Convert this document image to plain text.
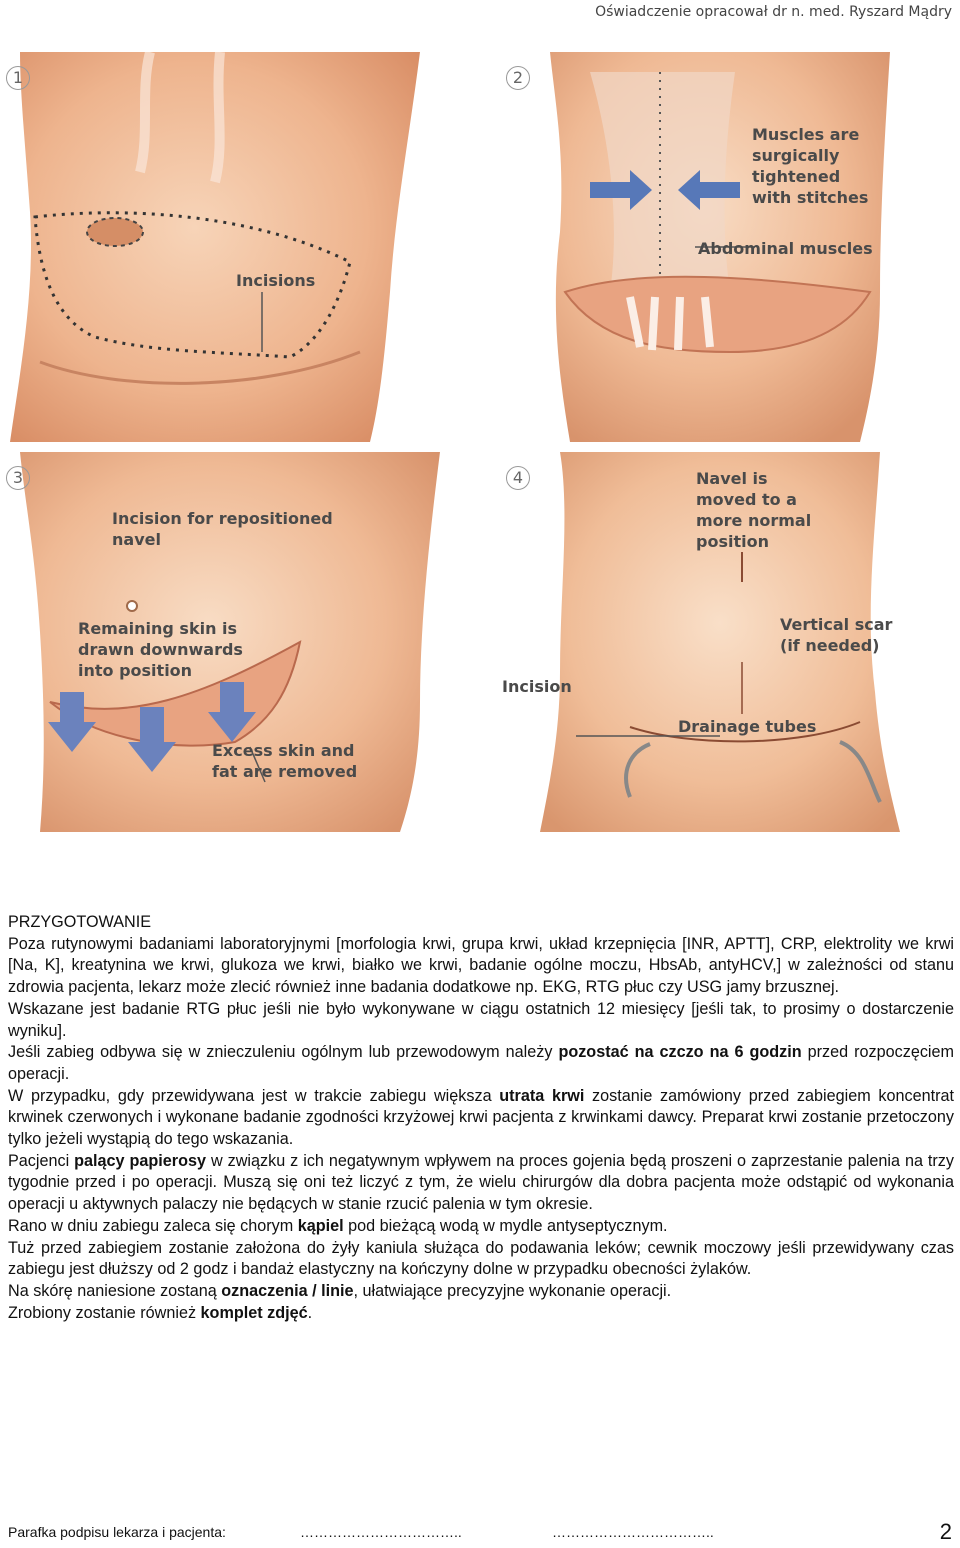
Oświadczenie opracował dr n. med. Ryszard Mądry
1
Incisions
2
Muscles are
surgically
tightened
with stitches
Abdominal muscles
3
Incision for repositioned
navel
Remaining skin is
drawn downwards
into position
Excess skin and
fat are removed
4	Navel is
moved to a
more normal
position
Vertical scar
(if needed)
Incision
Drainage tubes

PRZYGOTOWANIE

Poza rutynowymi badaniami laboratoryjnymi [morfologia krwi, grupa krwi, układ krzepnięcia [INR, APTT], CRP, elektrolity we krwi [Na, K], kreatynina we krwi, glukoza we krwi, białko we krwi, badanie ogólne moczu, HbsAb, antyHCV,] w zależności od stanu zdrowia pacjenta, lekarz może zlecić również inne badania dodatkowe np. EKG, RTG płuc czy USG jamy brzusznej.

Wskazane jest badanie RTG płuc jeśli nie było wykonywane w ciągu ostatnich 12 miesięcy [jeśli tak, to prosimy o dostarczenie wyniku].

Jeśli zabieg odbywa się w znieczuleniu ogólnym lub przewodowym należy pozostać na czczo na 6 godzin przed rozpoczęciem operacji.

W przypadku, gdy przewidywana jest w trakcie zabiegu większa utrata krwi zostanie zamówiony przed zabiegiem koncentrat krwinek czerwonych i wykonane badanie zgodności krzyżowej krwi pacjenta z krwinkami dawcy. Preparat krwi zostanie przetoczony tylko jeżeli wystąpią do tego wskazania.

Pacjenci palący papierosy w związku z ich negatywnym wpływem na proces gojenia będą proszeni o zaprzestanie palenia na trzy tygodnie przed i po operacji. Muszą się oni też liczyć z tym, że wielu chirurgów dla dobra pacjenta może odstąpić od wykonania operacji u aktywnych palaczy nie będących w stanie rzucić palenia w tym okresie.

Rano w dniu zabiegu zaleca się chorym kąpiel pod bieżącą wodą w mydle antyseptycznym.

Tuż przed zabiegiem zostanie założona do żyły kaniula służąca do podawania leków; cewnik moczowy jeśli przewidywany czas zabiegu jest dłuższy od 2 godz i bandaż elastyczny na kończyny dolne w przypadku obecności żylaków.

Na skórę naniesione zostaną oznaczenia / linie, ułatwiające precyzyjne wykonanie operacji.

Zrobiony zostanie również komplet zdjęć.

Parafka podpisu lekarza i pacjenta:	……………………………..	……………………………..	2
